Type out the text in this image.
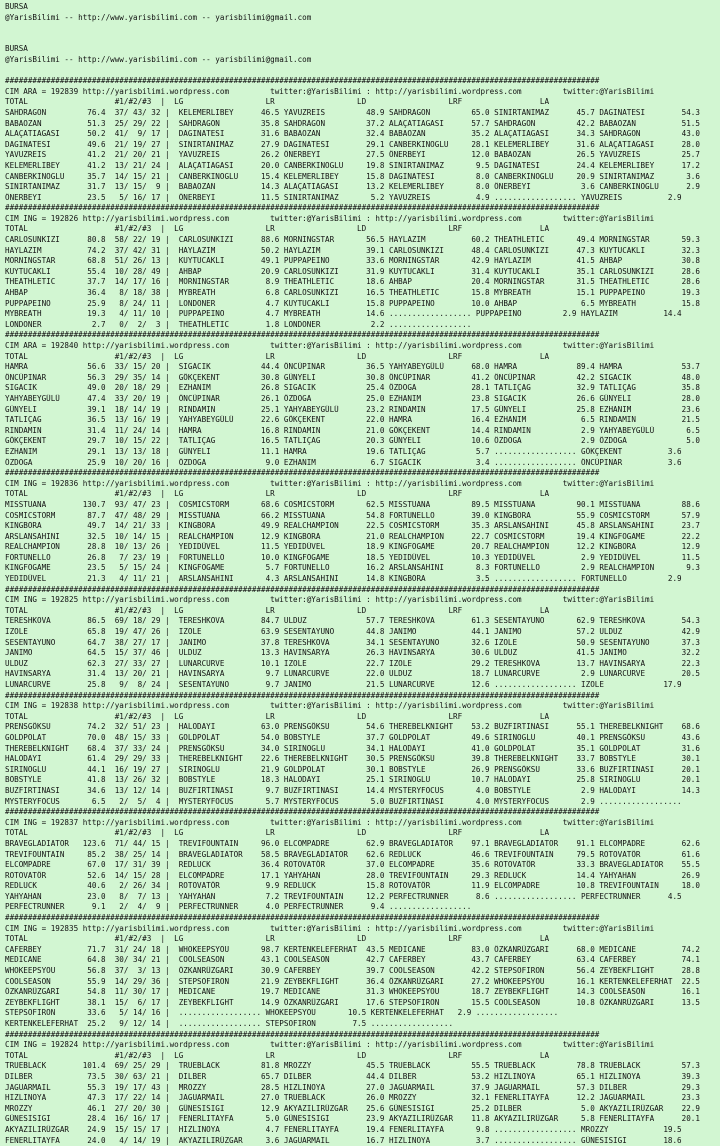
BURSA
@YarisBilimi -- http://www.yarisbilimi.com -- yarisbilimi@gmail.com
BURSA
@YarisBilimi -- http://www.yarisbilimi.com -- yarisbilimi@gmail.com
##################################################################################################################################
CIM ARA = 192839 http://yarisbilimi.wordpress.com         twitter:@YarisBilimi : http://yarisbilimi.wordpress.com         twitter:@YarisBilimi
TOTAL                   #1/#2/#3  |  LG                  LR                  LD                  LRF                 LA
SAHDRAGON         76.4  37/ 43/ 32 |  KELEMERLIBEY      46.5 YAVUZREIS         48.9 SAHDRAGON         65.0 SINIRTANIMAZ      45.7 DAGINATESI        54.3
BABAOZAN          51.3  25/ 29/ 22 |  SAHDRAGON         35.8 SAHDRAGON         37.2 ALAÇATIAGASI      57.7 SAHDRAGON         42.2 BABAOZAN          51.5
ALAÇATIAGASI      50.2  41/  9/ 17 |  DAGINATESI        31.6 BABAOZAN          32.4 BABAOZAN          35.2 ALAÇATIAGASI      34.3 SAHDRAGON         43.0
DAGINATESI        49.6  21/ 19/ 27 |  SINIRTANIMAZ      27.9 DAGINATESI        29.1 CANBERKINOGLU     28.1 KELEMERLIBEY      31.6 ALAÇATIAGASI      28.0
YAVUZREIS         41.2  21/ 20/ 21 |  YAVUZREIS         26.2 ÖNERBEYI          27.5 ÖNERBEYI          12.0 BABAOZAN          26.5 YAVUZREIS         25.7
KELEMERLIBEY      41.2  13/ 21/ 24 |  ALAÇATIAGASI      20.0 CANBERKINOGLU     19.8 SINIRTANIMAZ       9.5 DAGINATESI        24.4 KELEMERLIBEY      17.2
CANBERKINOGLU     35.7  14/ 15/ 21 |  CANBERKINOGLU     15.4 KELEMERLIBEY      15.8 DAGINATESI         8.0 CANBERKINOGLU     20.9 SINIRTANIMAZ       3.6
SINIRTANIMAZ      31.7  13/ 15/  9 |  BABAOZAN          14.3 ALAÇATIAGASI      13.2 KELEMERLIBEY       8.0 ÖNERBEYI           3.6 CANBERKINOGLU      2.9
ÖNERBEYI          23.5   5/ 16/ 17 |  ÖNERBEYI          11.5 SINIRTANIMAZ       5.2 YAVUZREIS          4.9 .................. YAVUZREIS          2.9
##################################################################################################################################
CIM ING = 192826 http://yarisbilimi.wordpress.com         twitter:@YarisBilimi : http://yarisbilimi.wordpress.com         twitter:@YarisBilimi
TOTAL                   #1/#2/#3  |  LG                  LR                  LD                  LRF                 LA
CARLOSUNKIZI      80.8  58/ 22/ 19 |  CARLOSUNKIZI      88.6 MORNINGSTAR       56.5 HAYLAZIM          60.2 THEATHLETIC       49.4 MORNINGSTAR       59.3
HAYLAZIM          74.2  37/ 42/ 31 |  HAYLAZIM          50.2 HAYLAZIM          39.1 CARLOSUNKIZI      48.4 CARLOSUNKIZI      47.3 KUYTUCAKLI        32.3
MORNINGSTAR       68.8  51/ 26/ 13 |  KUYTUCAKLI        49.1 PUPPAPEINO        33.6 MORNINGSTAR       42.9 HAYLAZIM          41.5 AHBAP             30.8
KUYTUCAKLI        55.4  10/ 28/ 49 |  AHBAP             20.9 CARLOSUNKIZI      31.9 KUYTUCAKLI        31.4 KUYTUCAKLI        35.1 CARLOSUNKIZI      28.6
THEATHLETIC       37.7  14/ 17/ 16 |  MORNINGSTAR        8.9 THEATHLETIC       18.6 AHBAP             20.4 MORNINGSTAR       31.5 THEATHLETIC       28.6
AHBAP             36.4   8/ 18/ 38 |  MYBREATH           6.8 CARLOSUNKIZI      16.5 THEATHLETIC       15.8 MYBREATH          15.1 PUPPAPEINO        19.3
PUPPAPEINO        25.9   8/ 24/ 11 |  LONDONER           4.7 KUYTUCAKLI        15.8 PUPPAPEINO        10.0 AHBAP              6.5 MYBREATH          15.8
MYBREATH          19.3   4/ 11/ 10 |  PUPPAPEINO         4.7 MYBREATH          14.6 .................. PUPPAPEINO         2.9 HAYLAZIM          14.4
LONDONER           2.7   0/  2/  3 |  THEATHLETIC        1.8 LONDONER           2.2 ..................
##################################################################################################################################
CIM ARA = 192840 http://yarisbilimi.wordpress.com         twitter:@YarisBilimi : http://yarisbilimi.wordpress.com         twitter:@YarisBilimi
TOTAL                   #1/#2/#3  |  LG                  LR                  LD                  LRF                 LA
HAMRA             56.6  33/ 15/ 20 |  SIGACIK           44.4 ÖNCÜPINAR         36.5 YAHYABEYGÜLÜ      68.0 HAMRA             89.4 HAMRA             53.7
ÖNCÜPINAR         56.3  29/ 35/ 14 |  GÖKÇEKENT         30.8 GÜNYELI           30.8 ÖNCÜPINAR         41.2 ÖNCÜPINAR         42.2 SIGACIK           48.0
SIGACIK           49.0  20/ 18/ 29 |  EZHANIM           26.8 SIGACIK           25.4 ÖZDOGA            28.1 TATLIÇAG          32.9 TATLIÇAG          35.8
YAHYABEYGÜLÜ      47.4  33/ 20/ 19 |  ÖNCÜPINAR         26.1 ÖZDOGA            25.0 EZHANIM           23.8 SIGACIK           26.6 GÜNYELI           28.0
GÜNYELI           39.1  18/ 14/ 19 |  RINDAMIN          25.1 YAHYABEYGÜLÜ      23.2 RINDAMIN          17.5 GÜNYELI           25.8 EZHANIM           23.6
TATLIÇAG          36.5  13/ 16/ 19 |  YAHYABEYGÜLÜ      22.6 GÖKÇEKENT         22.0 HAMRA             16.4 EZHANIM            6.5 RINDAMIN          21.5
RINDAMIN          31.4  11/ 24/ 14 |  HAMRA             16.8 RINDAMIN          21.0 GÖKÇEKENT         14.4 RINDAMIN           2.9 YAHYABEYGÜLÜ       6.5
GÖKÇEKENT         29.7  10/ 15/ 22 |  TATLIÇAG          16.5 TATLIÇAG          20.3 GÜNYELI           10.6 ÖZDOGA             2.9 ÖZDOGA             5.0
EZHANIM           29.1  13/ 13/ 18 |  GÜNYELI           11.1 HAMRA             19.6 TATLIÇAG           5.7 .................. GÖKÇEKENT          3.6
ÖZDOGA            25.9  10/ 20/ 16 |  ÖZDOGA             9.0 EZHANIM            6.7 SIGACIK            3.4 .................. ÖNCÜPINAR          3.6
##################################################################################################################################
CIM ING = 192836 http://yarisbilimi.wordpress.com         twitter:@YarisBilimi : http://yarisbilimi.wordpress.com         twitter:@YarisBilimi
TOTAL                   #1/#2/#3  |  LG                  LR                  LD                  LRF                 LA
MISSTUANA        130.7  93/ 47/ 23 |  COSMICSTORM       68.6 COSMICSTORM       62.5 MISSTUANA         89.5 MISSTUANA         90.1 MISSTUANA         88.6
COSMICSTORM       87.7  47/ 48/ 29 |  MISSTUANA         66.2 MISSTUANA         54.8 FORTUNELLO        39.0 KINGBORA          55.9 COSMICSTORM       57.9
KINGBORA          49.7  14/ 21/ 33 |  KINGBORA          49.9 REALCHAMPION      22.5 COSMICSTORM       35.3 ARSLANSAHINI      45.8 ARSLANSAHINI      23.7
ARSLANSAHINI      32.5  10/ 14/ 15 |  REALCHAMPION      12.9 KINGBORA          21.0 REALCHAMPION      22.7 COSMICSTORM       19.4 KINGFOGAME        22.2
REALCHAMPION      28.8  10/ 13/ 26 |  YEDIDÜVEL         11.5 YEDIDÜVEL         18.9 KINGFOGAME        20.7 REALCHAMPION      12.2 KINGBORA          12.9
FORTUNELLO        26.8   7/ 23/ 19 |  FORTUNELLO        10.0 KINGFOGAME        18.5 YEDIDÜVEL         10.3 YEDIDÜVEL          2.9 YEDIDÜVEL         11.5
KINGFOGAME        23.5   5/ 15/ 24 |  KINGFOGAME         5.7 FORTUNELLO        16.2 ARSLANSAHINI       8.3 FORTUNELLO         2.9 REALCHAMPION       9.3
YEDIDÜVEL         21.3   4/ 11/ 21 |  ARSLANSAHINI       4.3 ARSLANSAHINI      14.8 KINGBORA           3.5 .................. FORTUNELLO         2.9
##################################################################################################################################
CIM ING = 192825 http://yarisbilimi.wordpress.com         twitter:@YarisBilimi : http://yarisbilimi.wordpress.com         twitter:@YarisBilimi
TOTAL                   #1/#2/#3  |  LG                  LR                  LD                  LRF                 LA
TERESHKOVA        86.5  69/ 18/ 29 |  TERESHKOVA        84.7 ULDUZ             57.7 TERESHKOVA        61.3 SESENTAYUNO       62.9 TERESHKOVA        54.3
IZOLE             65.8  19/ 47/ 26 |  IZOLE             63.9 SESENTAYUNO       44.8 JANIMO            44.1 JANIMO            57.2 ULDUZ             42.9
SESENTAYUNO       64.7  38/ 27/ 17 |  JANIMO            37.8 TERESHKOVA        34.1 SESENTAYUNO       32.6 IZOLE             50.9 SESENTAYUNO       37.3
JANIMO            64.5  15/ 37/ 46 |  ULDUZ             13.3 HAVINSARYA        26.3 HAVINSARYA        30.6 ULDUZ             41.5 JANIMO            32.2
ULDUZ             62.3  27/ 33/ 27 |  LUNARCURVE        10.1 IZOLE             22.7 IZOLE             29.2 TERESHKOVA        13.7 HAVINSARYA        22.3
HAVINSARYA        31.4  13/ 20/ 21 |  HAVINSARYA         9.7 LUNARCURVE        22.0 ULDUZ             18.7 LUNARCURVE         2.9 LUNARCURVE        20.5
LUNARCURVE        25.8   9/  8/ 24 |  SESENTAYUNO        9.7 JANIMO            21.5 LUNARCURVE        12.6 .................. IZOLE             17.9
##################################################################################################################################
CIM ING = 192838 http://yarisbilimi.wordpress.com         twitter:@YarisBilimi : http://yarisbilimi.wordpress.com         twitter:@YarisBilimi
TOTAL                   #1/#2/#3  |  LG                  LR                  LD                  LRF                 LA
PRENSGÖKSU        74.2  32/ 51/ 23 |  HALODAYI          63.0 PRENSGÖKSU        54.6 THEREBELKNIGHT    53.2 BUZFIRTINASI      55.1 THEREBELKNIGHT    68.6
GOLDPOLAT         70.0  48/ 15/ 33 |  GOLDPOLAT         54.0 BOBSTYLE          37.7 GOLDPOLAT         49.6 SIRINOGLU         40.1 PRENSGÖKSU        43.6
THEREBELKNIGHT    68.4  37/ 33/ 24 |  PRENSGÖKSU        34.0 SIRINOGLU         34.1 HALODAYI          41.0 GOLDPOLAT         35.1 GOLDPOLAT         31.6
HALODAYI          61.4  29/ 29/ 33 |  THEREBELKNIGHT    22.6 THEREBELKNIGHT    30.5 PRENSGÖKSU        39.8 THEREBELKNIGHT    33.7 BOBSTYLE          30.1
SIRINOGLU         44.1  16/ 19/ 27 |  SIRINOGLU         21.9 GOLDPOLAT         30.1 BOBSTYLE          26.9 PRENSGÖKSU        33.6 BUZFIRTINASI      20.1
BOBSTYLE          41.8  13/ 26/ 32 |  BOBSTYLE          18.3 HALODAYI          25.1 SIRINOGLU         10.7 HALODAYI          25.8 SIRINOGLU         20.1
BUZFIRTINASI      34.6  13/ 12/ 14 |  BUZFIRTINASI       9.7 BUZFIRTINASI      14.4 MYSTERYFOCUS       4.0 BOBSTYLE           2.9 HALODAYI          14.3
MYSTERYFOCUS       6.5   2/  5/  4 |  MYSTERYFOCUS       5.7 MYSTERYFOCUS       5.0 BUZFIRTINASI       4.0 MYSTERYFOCUS       2.9 ..................
##################################################################################################################################
CIM ING = 192837 http://yarisbilimi.wordpress.com         twitter:@YarisBilimi : http://yarisbilimi.wordpress.com         twitter:@YarisBilimi
TOTAL                   #1/#2/#3  |  LG                  LR                  LD                  LRF                 LA
BRAVEGLADIATOR   123.6  71/ 44/ 15 |  TREVIFOUNTAIN     96.0 ELCOMPADRE        62.9 BRAVEGLADIATOR    97.1 BRAVEGLADIATOR    91.1 ELCOMPADRE        62.6
TREVIFOUNTAIN     85.2  38/ 25/ 14 |  BRAVEGLADIATOR    58.5 BRAVEGLADIATOR    62.6 REDLUCK           46.6 TREVIFOUNTAIN     79.5 ROTOVATÖR         61.6
ELCOMPADRE        67.0  17/ 31/ 39 |  REDLUCK           36.4 ROTOVATÖR         37.0 ELCOMPADRE        35.6 ROTOVATÖR         33.3 BRAVEGLADIATOR    55.5
ROTOVATÖR         52.6  14/ 15/ 28 |  ELCOMPADRE        17.1 YAHYAHAN          28.0 TREVIFOUNTAIN     29.3 REDLUCK           14.4 YAHYAHAN          26.9
REDLUCK           40.6   2/ 26/ 34 |  ROTOVATÖR          9.9 REDLUCK           15.8 ROTOVATÖR         11.9 ELCOMPADRE        10.8 TREVIFOUNTAIN     18.0
YAHYAHAN          23.0   8/  7/ 13 |  YAHYAHAN           7.2 TREVIFOUNTAIN     12.2 PERFECTRUNNER      8.6 .................. PERFECTRUNNER      4.5
PERFECTRUNNER      9.1   2/  4/  9 |  PERFECTRUNNER      4.0 PERFECTRUNNER      9.4 ..................
##################################################################################################################################
CIM ING = 192835 http://yarisbilimi.wordpress.com         twitter:@YarisBilimi : http://yarisbilimi.wordpress.com         twitter:@YarisBilimi
TOTAL                   #1/#2/#3  |  LG                  LR                  LD                  LRF                 LA
CAFERBEY          71.7  31/ 24/ 18 |  WHOKEEPSYOU       98.7 KERTENKELEFERHAT  43.5 MEDICANE          83.0 ÖZKANRÜZGARI      68.0 MEDICANE          74.2
MEDICANE          64.8  30/ 34/ 21 |  COOLSEASON        43.1 COOLSEASON        42.7 CAFERBEY          43.7 CAFERBEY          63.4 CAFERBEY          74.1
WHOKEEPSYOU       56.8  37/  3/ 13 |  ÖZKANRÜZGARI      30.9 CAFERBEY          39.7 COOLSEASON        42.2 STEPSOFIRON       56.4 ZEYBEKFLIGHT      28.8
COOLSEASON        55.9  14/ 29/ 36 |  STEPSOFIRON       21.9 ZEYBEKFLIGHT      36.4 ÖZKANRÜZGARI      27.2 WHOKEEPSYOU       16.1 KERTENKELEFERHAT  22.5
ÖZKANRÜZGARI      54.8  11/ 30/ 17 |  MEDICANE          19.7 MEDICANE          31.3 WHOKEEPSYOU       18.7 ZEYBEKFLIGHT      14.3 COOLSEASON        16.1
ZEYBEKFLIGHT      38.1  15/  6/ 17 |  ZEYBEKFLIGHT      14.9 ÖZKANRÜZGARI      17.6 STEPSOFIRON       15.5 COOLSEASON        10.8 ÖZKANRÜZGARI      13.5
STEPSOFIRON       33.6   5/ 14/ 16 |  .................. WHOKEEPSYOU       10.5 KERTENKELEFERHAT   2.9 ..................
KERTENKELEFERHAT  25.2   9/ 12/ 14 |  .................. STEPSOFIRON        7.5 ..................
##################################################################################################################################
CIM ING = 192824 http://yarisbilimi.wordpress.com         twitter:@YarisBilimi : http://yarisbilimi.wordpress.com         twitter:@YarisBilimi
TOTAL                   #1/#2/#3  |  LG                  LR                  LD                  LRF                 LA
TRUEBLACK        101.4  69/ 25/ 29 |  TRUEBLACK         81.8 MROZZY            45.5 TRUEBLACK         55.5 TRUEBLACK         78.8 TRUEBLACK         57.3
DILBER            73.5  30/ 63/ 21 |  DILBER            65.7 DILBER            44.4 DILBER            53.2 HIZLINOYA         65.1 HIZLINOYA         39.3
JAGUARMAIL        55.3  19/ 17/ 43 |  MROZZY            28.5 HIZLINOYA         27.0 JAGUARMAIL        37.9 JAGUARMAIL        57.3 DILBER            29.3
HIZLINOYA         47.3  17/ 22/ 14 |  JAGUARMAIL        27.0 TRUEBLACK         26.0 MROZZY            32.1 FENERLITAYFA      12.2 JAGUARMAIL        23.3
MROZZY            46.1  27/ 20/ 30 |  GÜNESISIGI        12.9 AKYAZILIRÜZGAR    25.6 GÜNESISIGI        25.2 DILBER             5.0 AKYAZILIRÜZGAR    22.9
GÜNESISIGI        28.4  16/ 16/ 17 |  FENERLITAYFA       5.0 GÜNESISIGI        23.9 AKYAZILIRÜZGAR    11.8 AKYAZILIRÜZGAR     5.8 FENERLITAYFA      20.1
AKYAZILIRÜZGAR    24.9  15/ 15/ 17 |  HIZLINOYA          4.7 FENERLITAYFA      19.4 FENERLITAYFA       9.8 .................. MROZZY            19.5
FENERLITAYFA      24.0   4/ 14/ 19 |  AKYAZILIRÜZGAR     3.6 JAGUARMAIL        16.7 HIZLINOYA          3.7 .................. GÜNESISIGI        18.6
